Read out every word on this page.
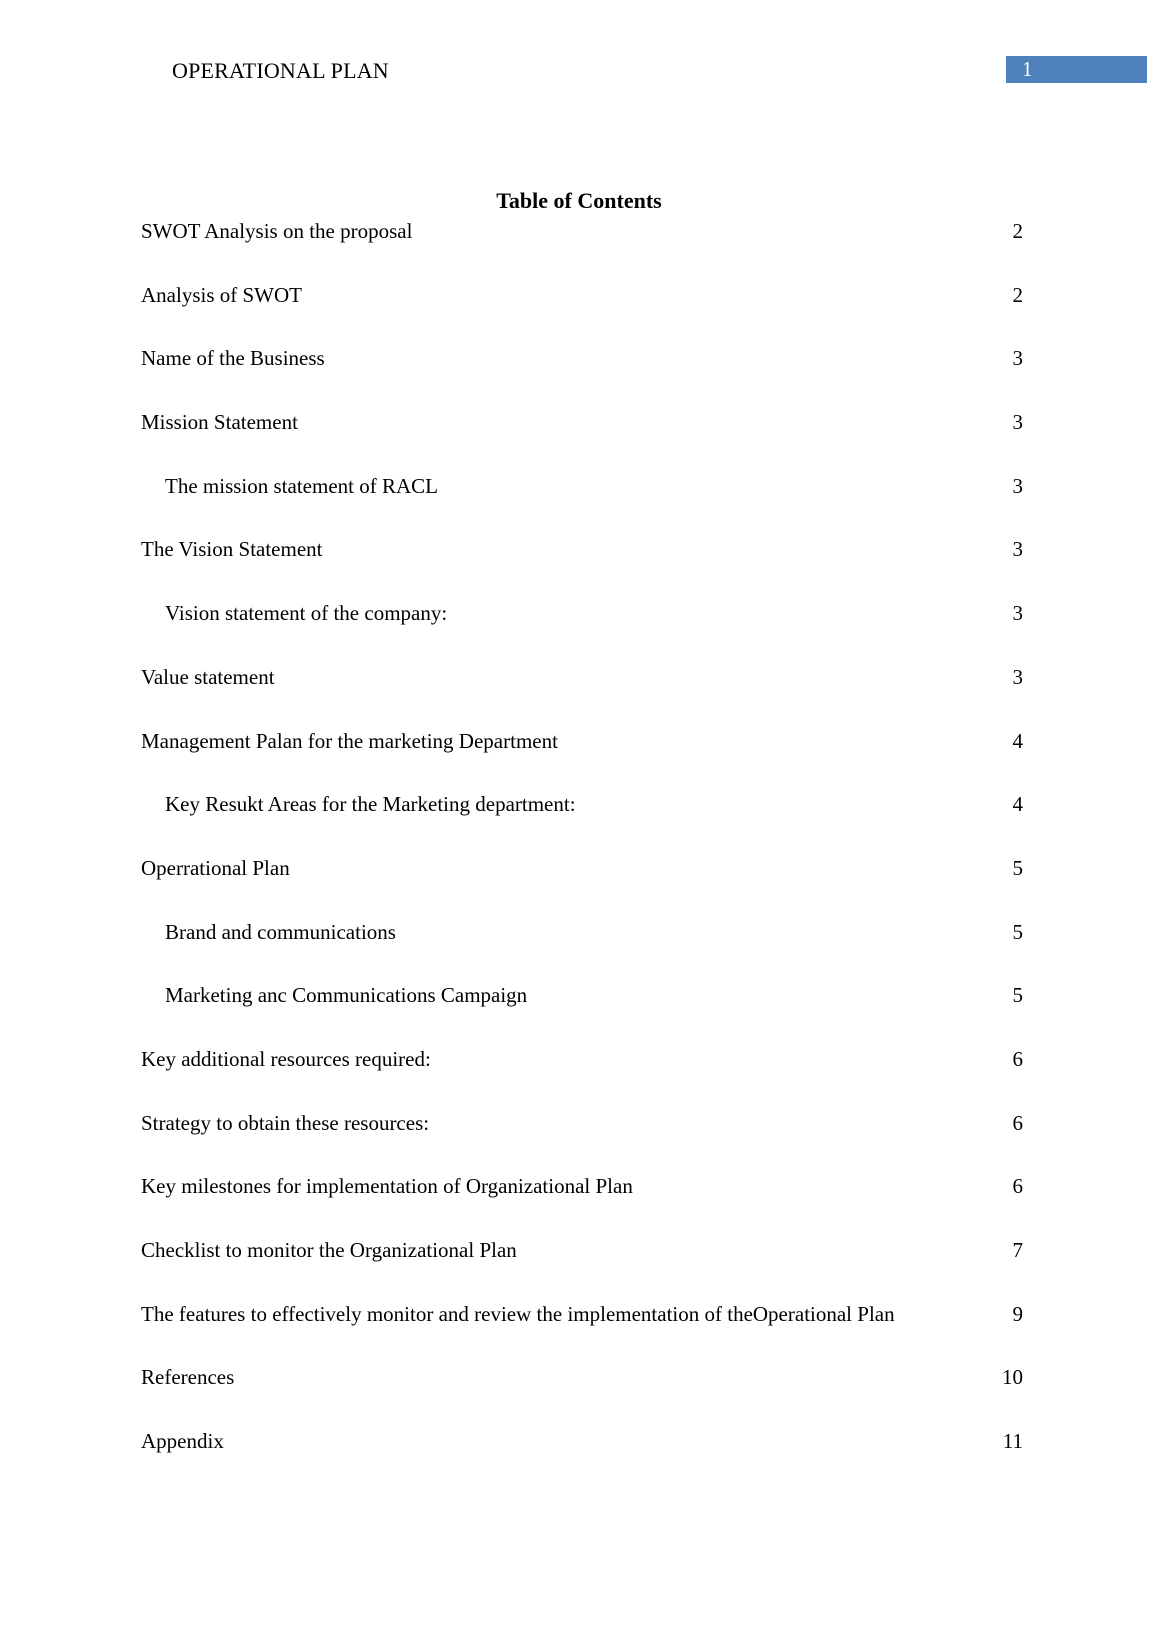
OPERATIONAL PLAN	1
Table of Contents
SWOT Analysis on the proposal	2
Analysis of SWOT	2
Name of the Business	3
Mission Statement	3
The mission statement of RACL	3
The Vision Statement	3
Vision statement of the company:	3
Value statement	3
Management Palan for the marketing Department	4
Key Resukt Areas for the Marketing department:	4
Operrational Plan	5
Brand and communications	5
Marketing anc Communications Campaign	5
Key additional resources required:	6
Strategy to obtain these resources:	6
Key milestones for implementation of Organizational Plan	6
Checklist to monitor the Organizational Plan	7
The features to effectively monitor and review the implementation of theOperational Plan	9
References	10
Appendix	11
